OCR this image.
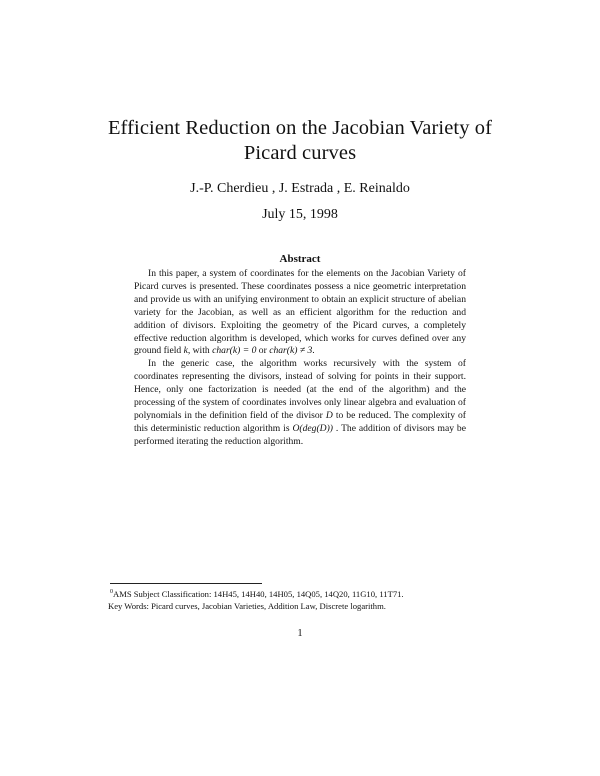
Efficient Reduction on the Jacobian Variety of
Picard curves
J.-P. Cherdieu , J. Estrada , E. Reinaldo
July 15, 1998
Abstract

In this paper, a system of coordinates for the elements on the Jacobian Variety of Picard curves is presented. These coordinates possess a nice geometric interpretation and provide us with an unifying environment to obtain an explicit structure of abelian variety for the Jacobian, as well as an efficient algorithm for the reduction and addition of divisors. Exploiting the geometry of the Picard curves, a completely effective reduction algorithm is developed, which works for curves defined over any ground field k, with char(k) = 0 or char(k) ≠ 3.

In the generic case, the algorithm works recursively with the system of coordinates representing the divisors, instead of solving for points in their support. Hence, only one factorization is needed (at the end of the algorithm) and the processing of the system of coordinates involves only linear algebra and evaluation of polynomials in the definition field of the divisor D to be reduced. The complexity of this deterministic reduction algorithm is O(deg(D)) . The addition of divisors may be performed iterating the reduction algorithm.

$^0$AMS Subject Classification: 14H45, 14H40, 14H05, 14Q05, 14Q20, 11G10, 11T71.
Key Words: Picard curves, Jacobian Varieties, Addition Law, Discrete logarithm.
1
